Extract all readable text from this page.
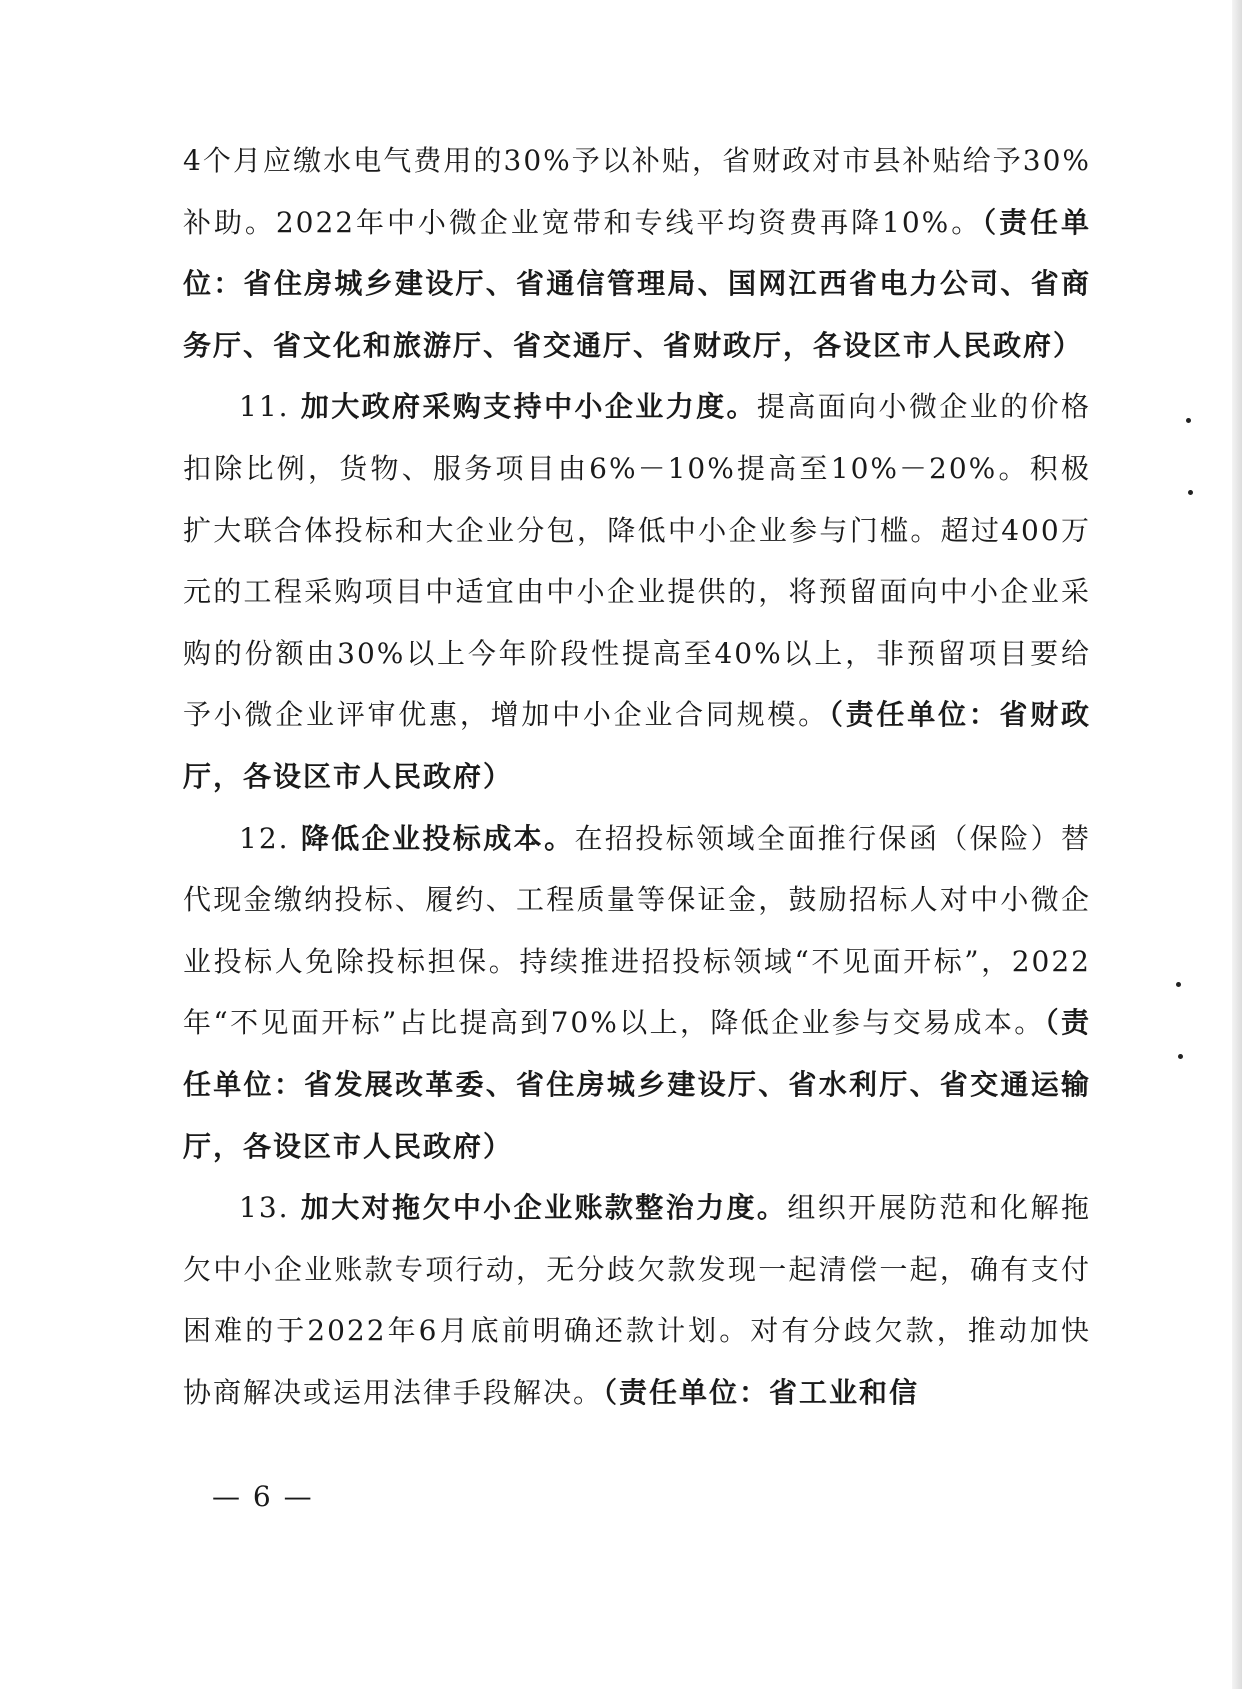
4个月应缴水电气费用的30%予以补贴，省财政对市县补贴给予30%补助。2022年中小微企业宽带和专线平均资费再降10%。（责任单位：省住房城乡建设厅、省通信管理局、国网江西省电力公司、省商务厅、省文化和旅游厅、省交通厅、省财政厅，各设区市人民政府）

11. 加大政府采购支持中小企业力度。提高面向小微企业的价格扣除比例，货物、服务项目由6%－10%提高至10%－20%。积极扩大联合体投标和大企业分包，降低中小企业参与门槛。超过400万元的工程采购项目中适宜由中小企业提供的，将预留面向中小企业采购的份额由30%以上今年阶段性提高至40%以上，非预留项目要给予小微企业评审优惠，增加中小企业合同规模。（责任单位：省财政厅，各设区市人民政府）

12. 降低企业投标成本。在招投标领域全面推行保函（保险）替代现金缴纳投标、履约、工程质量等保证金，鼓励招标人对中小微企业投标人免除投标担保。持续推进招投标领域“不见面开标”，2022年“不见面开标”占比提高到70%以上，降低企业参与交易成本。（责任单位：省发展改革委、省住房城乡建设厅、省水利厅、省交通运输厅，各设区市人民政府）

13. 加大对拖欠中小企业账款整治力度。组织开展防范和化解拖欠中小企业账款专项行动，无分歧欠款发现一起清偿一起，确有支付困难的于2022年6月底前明确还款计划。对有分歧欠款，推动加快协商解决或运用法律手段解决。（责任单位：省工业和信

— 6 —
